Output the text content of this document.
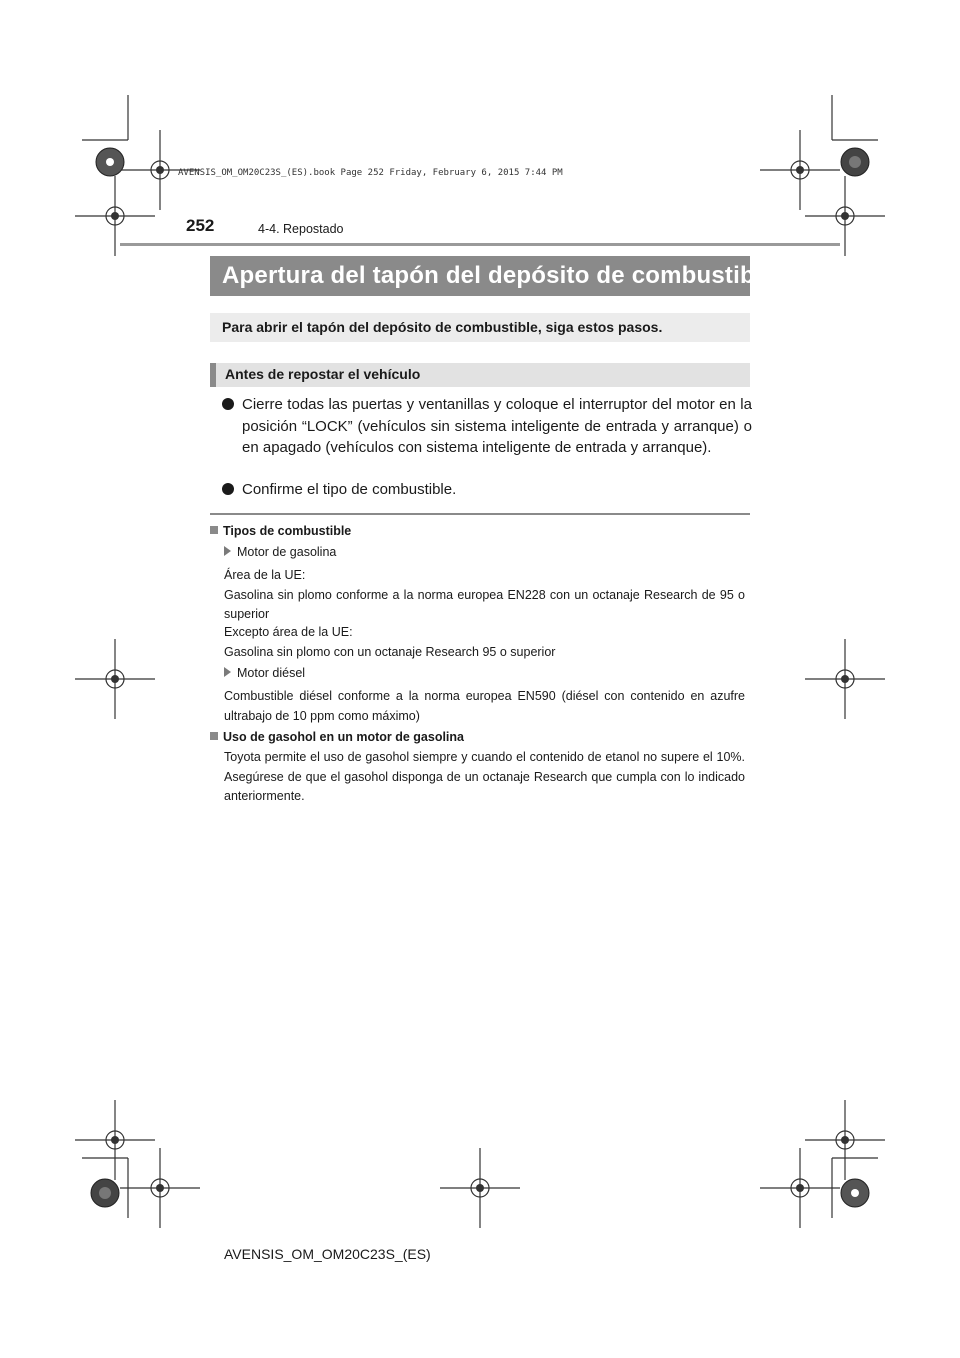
AVENSIS_OM_OM20C23S_(ES).book Page 252 Friday, February 6, 2015 7:44 PM
252	4-4. Repostado
Apertura del tapón del depósito de combustible

Para abrir el tapón del depósito de combustible, siga estos pasos.

Antes de repostar el vehículo
Cierre todas las puertas y ventanillas y coloque el interruptor del motor en la posición “LOCK” (vehículos sin sistema inteligente de entrada y arranque) o en apagado (vehículos con sistema inteligente de entrada y arranque).
Confirme el tipo de combustible.
Tipos de combustible
Motor de gasolina
Área de la UE:
Gasolina sin plomo conforme a la norma europea EN228 con un octanaje Research de 95 o superior
Excepto área de la UE:
Gasolina sin plomo con un octanaje Research 95 o superior
Motor diésel
Combustible diésel conforme a la norma europea EN590 (diésel con contenido en azufre ultrabajo de 10 ppm como máximo)
Uso de gasohol en un motor de gasolina
Toyota permite el uso de gasohol siempre y cuando el contenido de etanol no supere el 10%. Asegúrese de que el gasohol disponga de un octanaje Research que cumpla con lo indicado anteriormente.
AVENSIS_OM_OM20C23S_(ES)
